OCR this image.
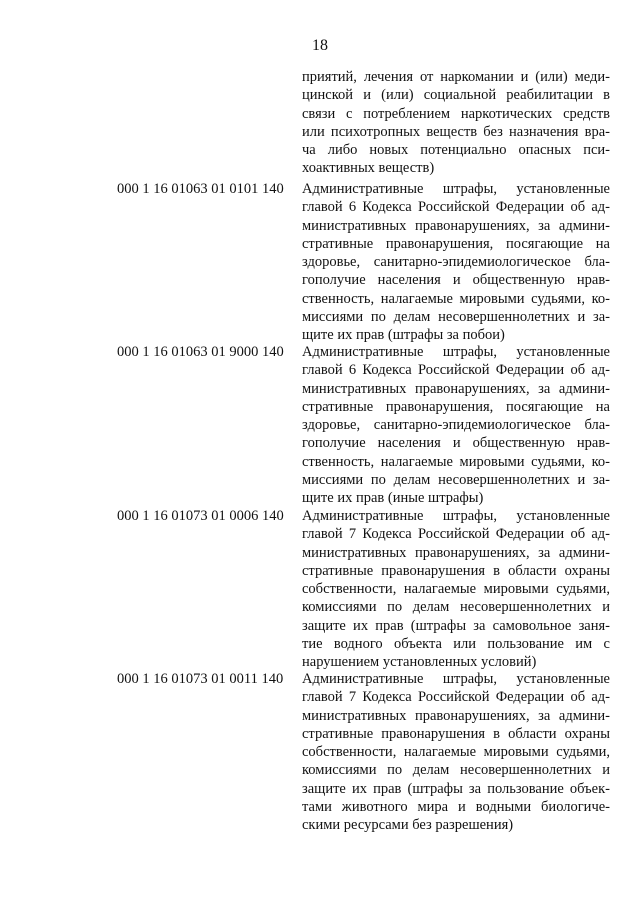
18
приятий, лечения от наркомании и (или) меди-
цинской и (или) социальной реабилитации в
связи с потреблением наркотических средств
или психотропных веществ без назначения вра-
ча либо новых потенциально опасных пси-
хоактивных веществ)
000 1 16 01063 01 0101 140 Административные штрафы, установленные
главой 6 Кодекса Российской Федерации об ад-
министративных правонарушениях, за админи-
стративные правонарушения, посягающие на
здоровье, санитарно-эпидемиологическое бла-
гополучие населения и общественную нрав-
ственность, налагаемые мировыми судьями, ко-
миссиями по делам несовершеннолетних и за-
щите их прав (штрафы за побои)
000 1 16 01063 01 9000 140 Административные штрафы, установленные
главой 6 Кодекса Российской Федерации об ад-
министративных правонарушениях, за админи-
стративные правонарушения, посягающие на
здоровье, санитарно-эпидемиологическое бла-
гополучие населения и общественную нрав-
ственность, налагаемые мировыми судьями, ко-
миссиями по делам несовершеннолетних и за-
щите их прав (иные штрафы)
000 1 16 01073 01 0006 140 Административные штрафы, установленные
главой 7 Кодекса Российской Федерации об ад-
министративных правонарушениях, за админи-
стративные правонарушения в области охраны
собственности, налагаемые мировыми судьями,
комиссиями по делам несовершеннолетних и
защите их прав (штрафы за самовольное заня-
тие водного объекта или пользование им с
нарушением установленных условий)
000 1 16 01073 01 0011 140 Административные штрафы, установленные
главой 7 Кодекса Российской Федерации об ад-
министративных правонарушениях, за админи-
стративные правонарушения в области охраны
собственности, налагаемые мировыми судьями,
комиссиями по делам несовершеннолетних и
защите их прав (штрафы за пользование объек-
тами животного мира и водными биологиче-
скими ресурсами без разрешения)
